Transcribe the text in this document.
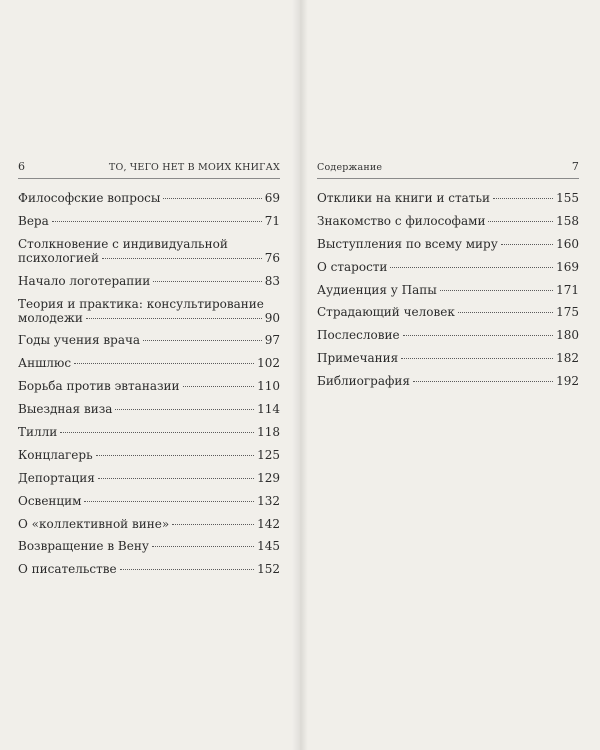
6	ТО, ЧЕГО НЕТ В МОИХ КНИГАХ
Философские вопросы	69
Вера	71
Столкновение с индивидуальной
психологией	76
Начало логотерапии	83
Теория и практика: консультирование
молодежи	90
Годы учения врача	97
Аншлюс	102
Борьба против эвтаназии	110
Выездная виза	114
Тилли	118
Концлагерь	125
Депортация	129
Освенцим	132
О «коллективной вине»	142
Возвращение в Вену	145
О писательстве	152
Содержание	7
Отклики на книги и статьи	155
Знакомство с философами	158
Выступления по всему миру	160
О старости	169
Аудиенция у Папы	171
Страдающий человек	175
Послесловие	180
Примечания	182
Библиография	192
